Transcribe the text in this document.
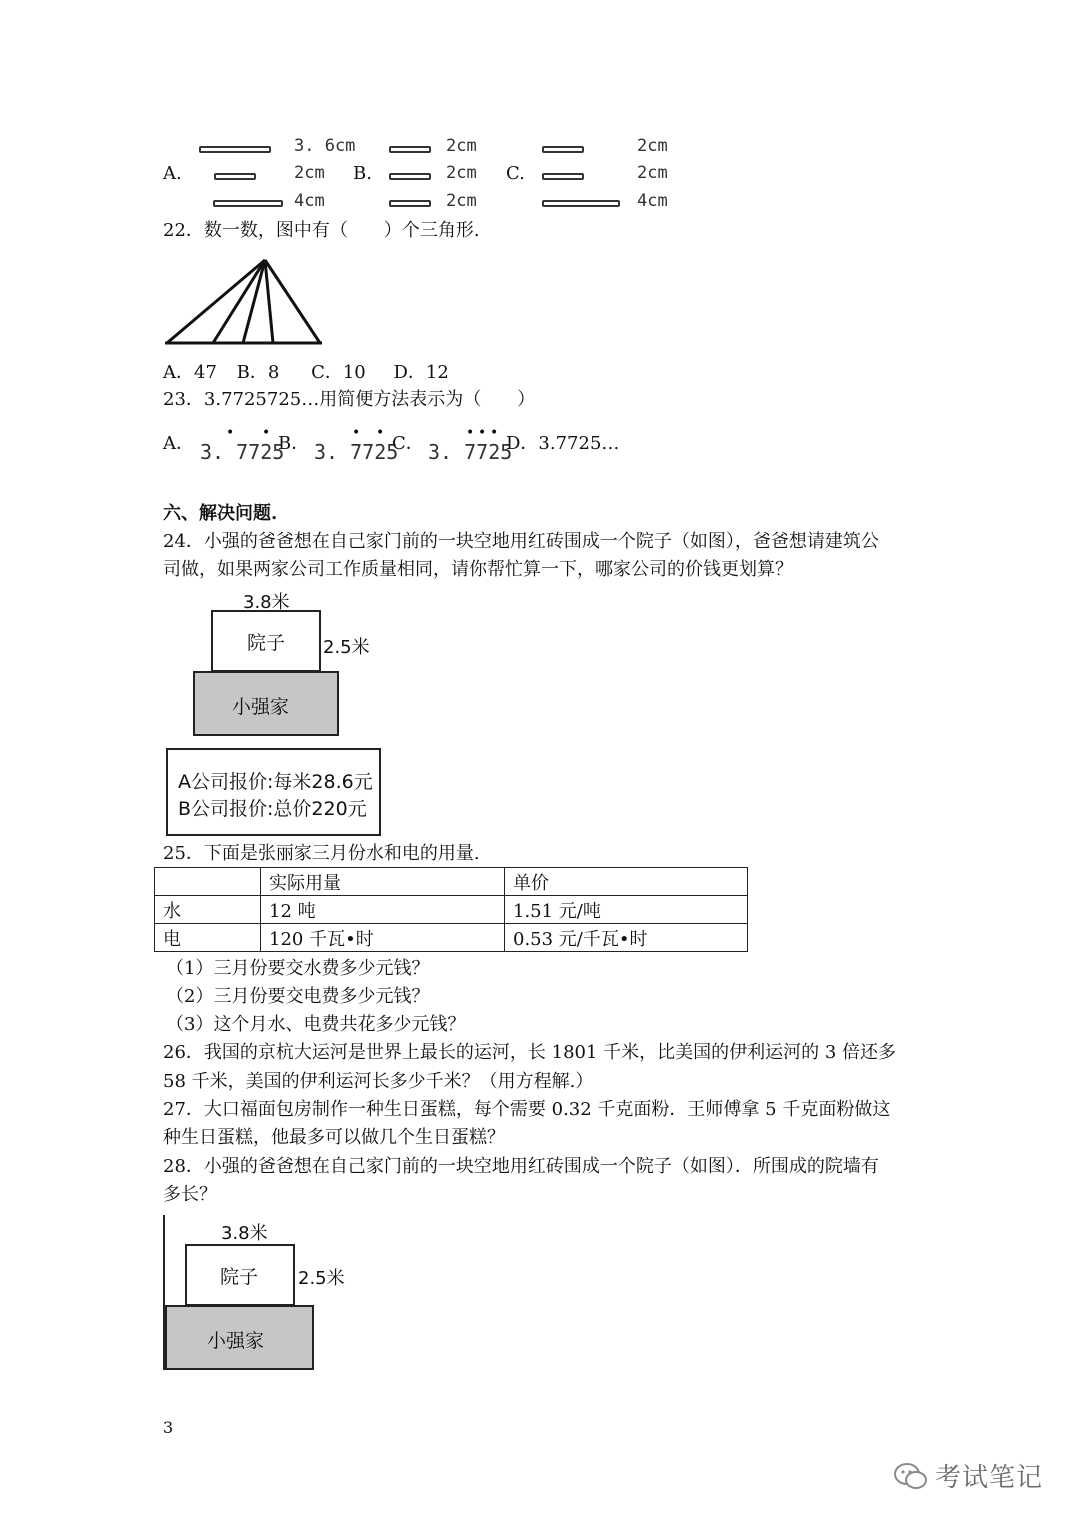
A.
3. 6cm
2cm
4cm
B.
2cm
2cm
2cm
C.
2cm
2cm
4cm
22．数一数，图中有（　　）个三角形.
A．47 B．8 C．10 D．12
23．3.7725725…用简便方法表示为（　　）
A． 3. 7725
• • B． 3. 7725
• • C． 3. 7725
• • • D．3.7725…
六、解决问题.
24．小强的爸爸想在自己家门前的一块空地用红砖围成一个院子（如图），爸爸想请建筑公
司做，如果两家公司工作质量相同，请你帮忙算一下，哪家公司的价钱更划算？
3.8米
院子 2.5米
小强家
A公司报价:每米28.6元
B公司报价:总价220元
25．下面是张丽家三月份水和电的用量.
	实际用量	单价
水	12 吨	1.51 元/吨
电	120 千瓦•时	0.53 元/千瓦•时
（1）三月份要交水费多少元钱？
（2）三月份要交电费多少元钱？
（3）这个月水、电费共花多少元钱？
26．我国的京杭大运河是世界上最长的运河，长 1801 千米，比美国的伊利运河的 3 倍还多
58 千米，美国的伊利运河长多少千米？（用方程解.）
27．大口福面包房制作一种生日蛋糕，每个需要 0.32 千克面粉．王师傅拿 5 千克面粉做这
种生日蛋糕，他最多可以做几个生日蛋糕？
28．小强的爸爸想在自己家门前的一块空地用红砖围成一个院子（如图）．所围成的院墙有
多长？
3.8米
院子 2.5米
小强家
3
考试笔记
